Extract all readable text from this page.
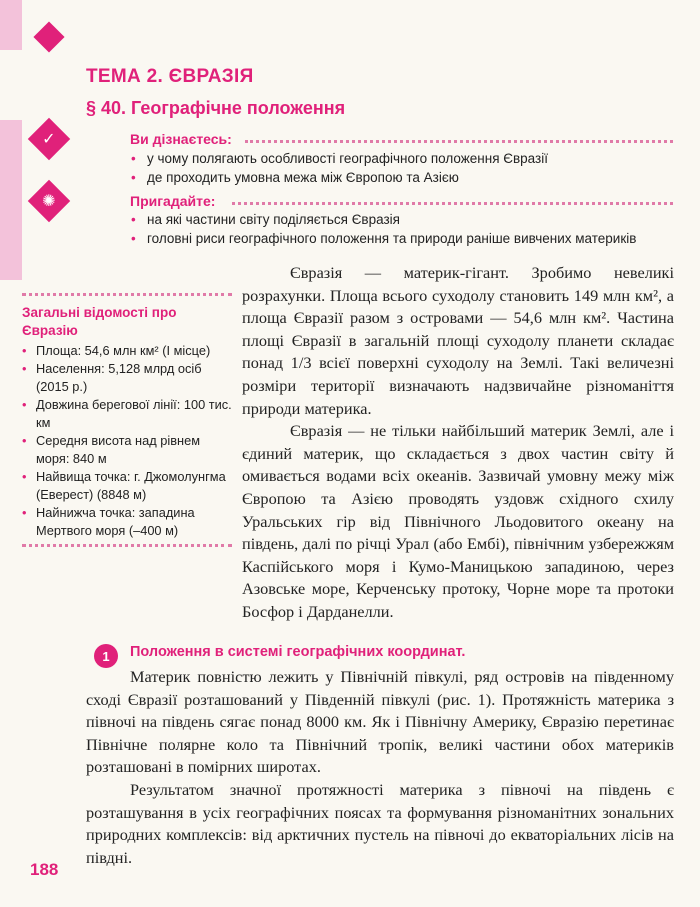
✓
✺
ТЕМА 2. ЄВРАЗІЯ
§ 40. Географічне положення
Ви дізнаєтесь:
• у чому полягають особливості географічного положення Євразії
• де проходить умовна межа між Європою та Азією
Пригадайте:
• на які частини світу поділяється Євразія
• головні риси географічного положення та природи раніше вивчених материків
Загальні відомості про Євразію
• Площа: 54,6 млн км² (І місце)
• Населення: 5,128 млрд осіб (2015 р.)
• Довжина берегової лінії: 100 тис. км
• Середня висота над рівнем моря: 840 м
• Найвища точка: г. Джомолунгма (Еверест) (8848 м)
• Найнижча точка: западина Мертвого моря (–400 м)

Євразія — материк-гігант. Зробимо невеликі розрахунки. Площа всього суходолу становить 149 млн км², а площа Євразії разом з островами — 54,6 млн км². Частина площі Євразії в загальній площі суходолу планети складає понад 1/3 всієї поверхні суходолу на Землі. Такі величезні розміри території визначають надзвичайне різноманіття природи материка.

Євразія — не тільки найбільший материк Землі, але і єдиний материк, що складається з двох частин світу й омивається водами всіх океанів. Зазвичай умовну межу між Європою та Азією проводять уздовж східного схилу Уральських гір від Північного Льодовитого океану на південь, далі по річці Урал (або Ембі), північним узбережжям Каспійського моря і Кумо-Маницькою западиною, через Азовське море, Керченську протоку, Чорне море та протоки Босфор і Дарданелли.

1	Положення в системі географічних координат.

Материк повністю лежить у Північній півкулі, ряд островів на південному сході Євразії розташований у Південній півкулі (рис. 1). Протяжність материка з півночі на південь сягає понад 8000 км. Як і Північну Америку, Євразію перетинає Північне полярне коло та Північний тропік, великі частини обох материків розташовані в помірних широтах.

Результатом значної протяжності материка з півночі на південь є розташування в усіх географічних поясах та формування різноманітних зональних природних комплексів: від арктичних пустель на півночі до екваторіальних лісів на півдні.

188
